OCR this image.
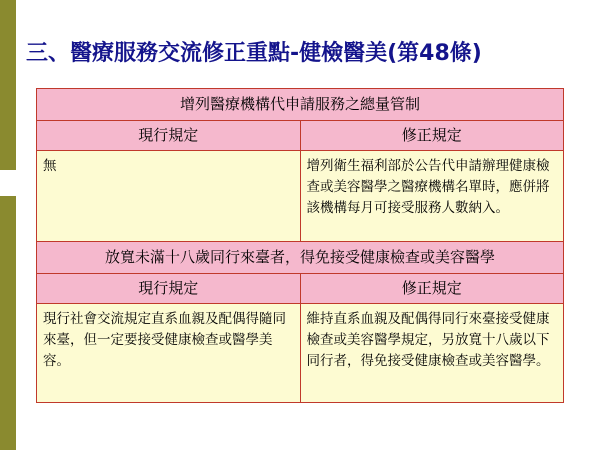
三、醫療服務交流修正重點-健檢醫美(第48條)
增列醫療機構代申請服務之總量管制	
現行規定	修正規定
無	增列衛生福利部於公告代申請辦理健康檢查或美容醫學之醫療機構名單時，應併將該機構每月可接受服務人數納入。
放寬未滿十八歲同行來臺者，得免接受健康檢查或美容醫學	
現行規定	修正規定
現行社會交流規定直系血親及配偶得隨同來臺，但一定要接受健康檢查或醫學美容。	維持直系血親及配偶得同行來臺接受健康檢查或美容醫學規定，另放寬十八歲以下同行者，得免接受健康檢查或美容醫學。
